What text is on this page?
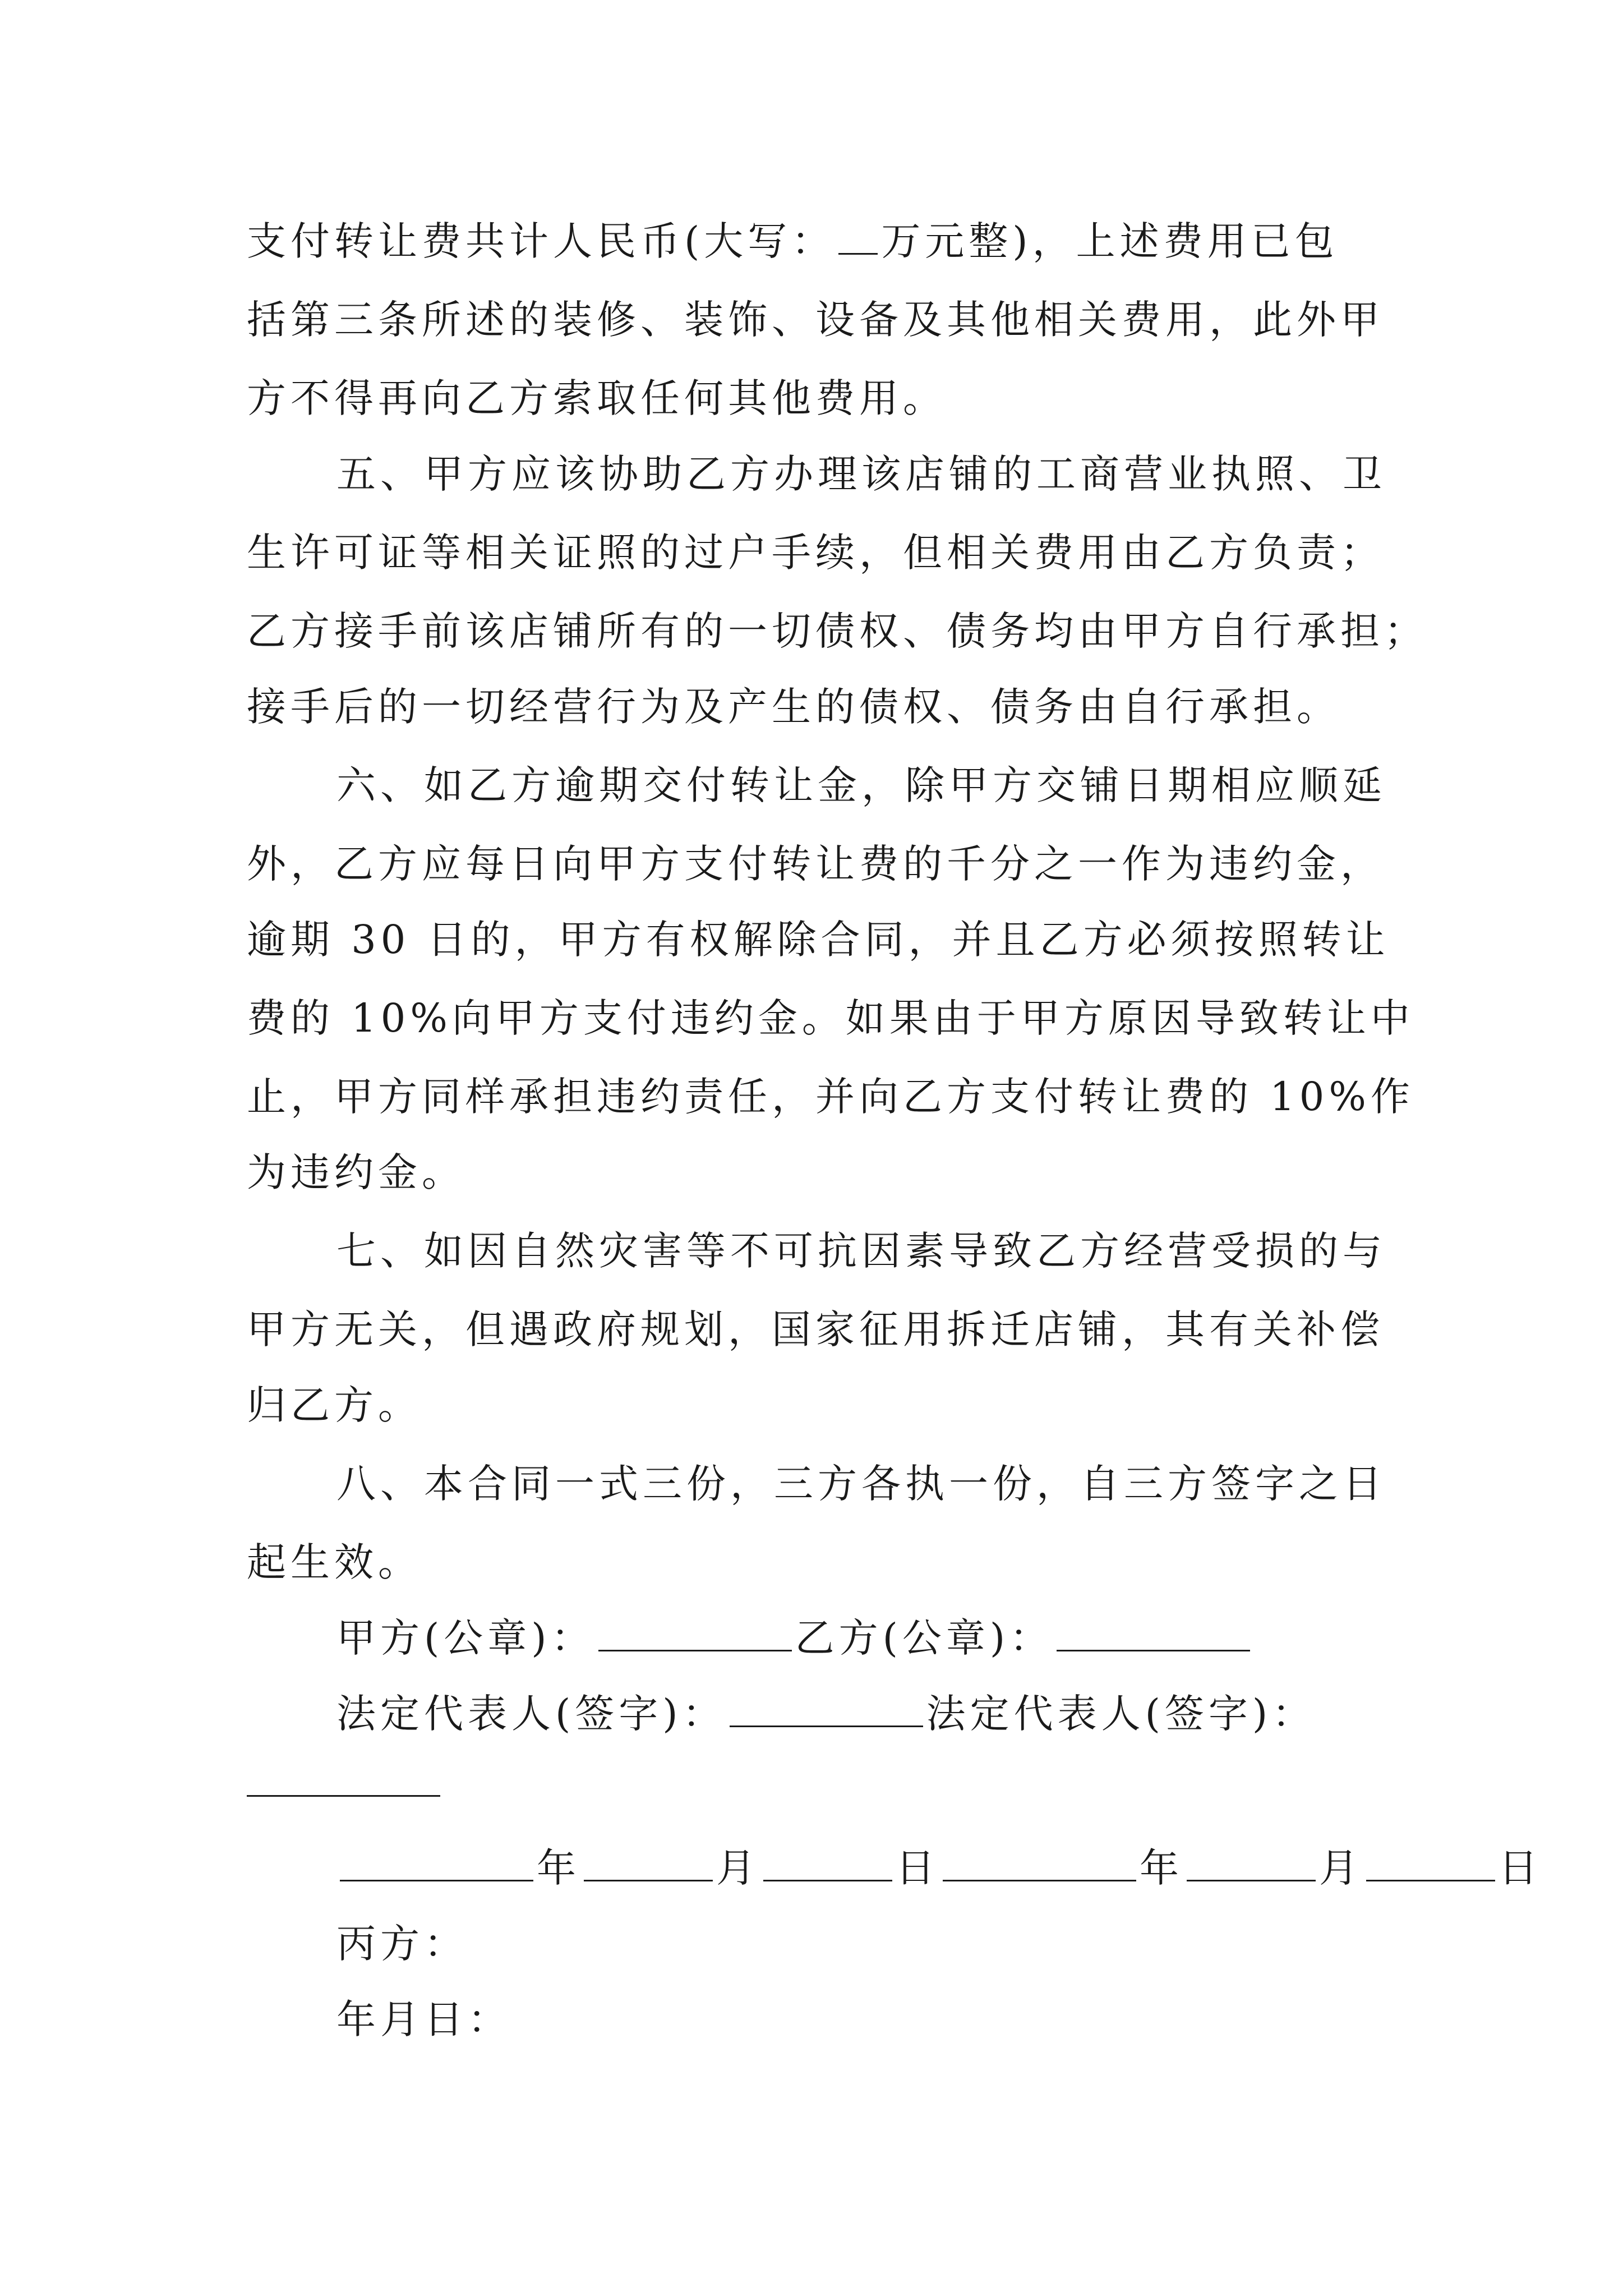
支付转让费共计人民币(大写： 万元整)，上述费用已包
括第三条所述的装修、装饰、设备及其他相关费用，此外甲
方不得再向乙方索取任何其他费用。
五、甲方应该协助乙方办理该店铺的工商营业执照、卫
生许可证等相关证照的过户手续，但相关费用由乙方负责；
乙方接手前该店铺所有的一切债权、债务均由甲方自行承担；
接手后的一切经营行为及产生的债权、债务由自行承担。
六、如乙方逾期交付转让金，除甲方交铺日期相应顺延
外，乙方应每日向甲方支付转让费的千分之一作为违约金，
逾期 30 日的，甲方有权解除合同，并且乙方必须按照转让
费的 10%向甲方支付违约金。如果由于甲方原因导致转让中
止，甲方同样承担违约责任，并向乙方支付转让费的 10%作
为违约金。
七、如因自然灾害等不可抗因素导致乙方经营受损的与
甲方无关，但遇政府规划，国家征用拆迁店铺，其有关补偿
归乙方。
八、本合同一式三份，三方各执一份，自三方签字之日
起生效。
甲方(公章)：	乙方(公章)：
法定代表人(签字)：	法定代表人(签字)：
年	月	日	年	月	日
丙方：
年月日：
